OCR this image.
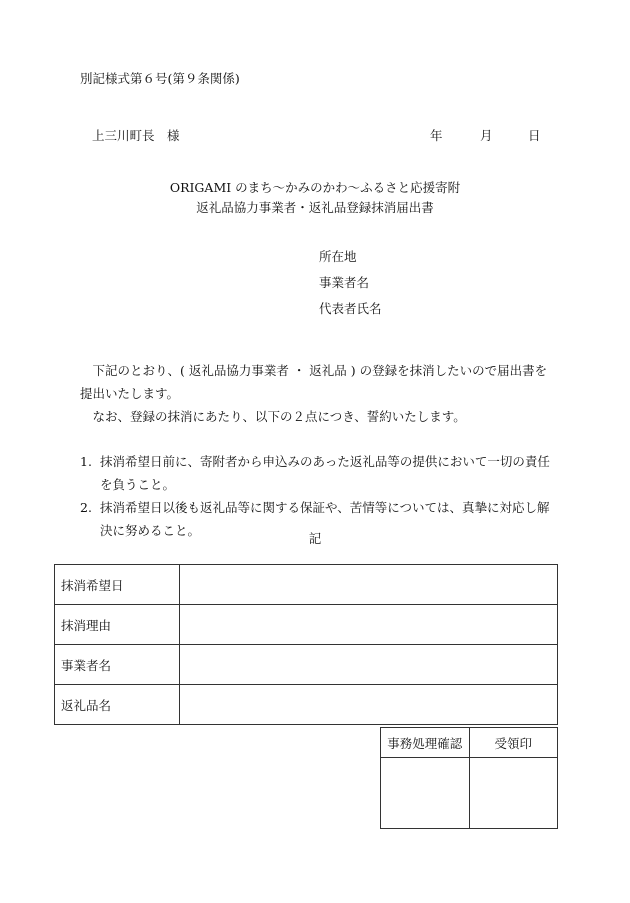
別記様式第６号(第９条関係)
上三川町長　様	年	月	日
ORIGAMI のまち～かみのかわ～ふるさと応援寄附
返礼品協力事業者・返礼品登録抹消届出書
所在地
事業者名
代表者氏名

下記のとおり、( 返礼品協力事業者 ・ 返礼品 ) の登録を抹消したいので届出書を提出いたします。

なお、登録の抹消にあたり、以下の２点につき、誓約いたします。

1. 抹消希望日前に、寄附者から申込みのあった返礼品等の提供において一切の責任を負うこと。
2. 抹消希望日以後も返礼品等に関する保証や、苦情等については、真摯に対応し解決に努めること。
記
抹消希望日	
抹消理由	
事業者名	
返礼品名	
事務処理確認	受領印
